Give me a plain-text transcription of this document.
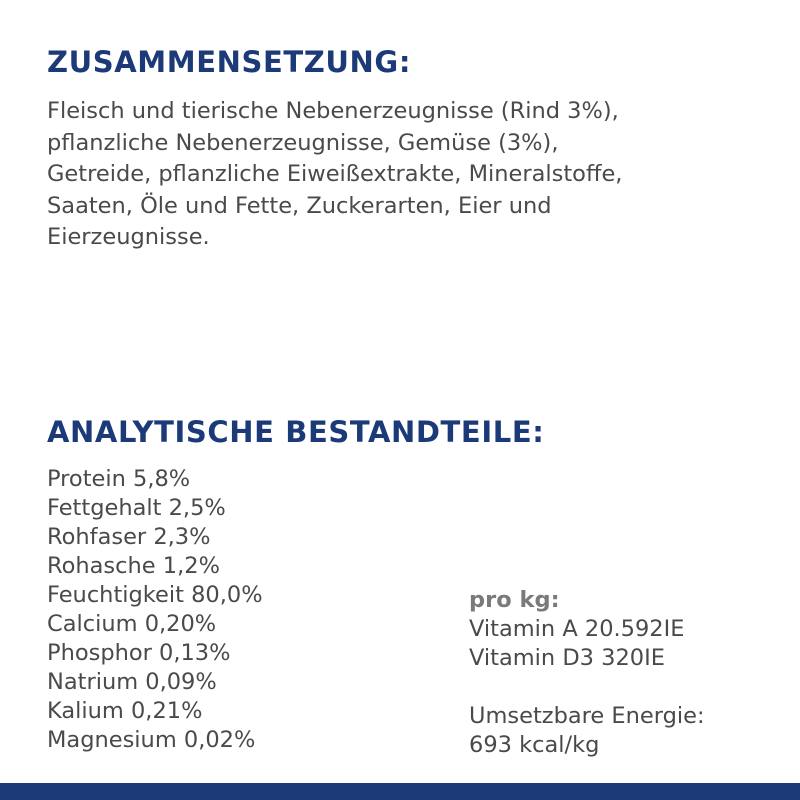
ZUSAMMENSETZUNG:

Fleisch und tierische Nebenerzeugnisse (Rind 3%),
pflanzliche Nebenerzeugnisse, Gemüse (3%),
Getreide, pflanzliche Eiweißextrakte, Mineralstoffe,
Saaten, Öle und Fette, Zuckerarten, Eier und
Eierzeugnisse.

ANALYTISCHE BESTANDTEILE:
Protein 5,8%
Fettgehalt 2,5%
Rohfaser 2,3%
Rohasche 1,2%
Feuchtigkeit 80,0%
Calcium 0,20%
Phosphor 0,13%
Natrium 0,09%
Kalium 0,21%
Magnesium 0,02%
pro kg:
Vitamin A 20.592IE
Vitamin D3 320IE
Umsetzbare Energie:
693 kcal/kg
